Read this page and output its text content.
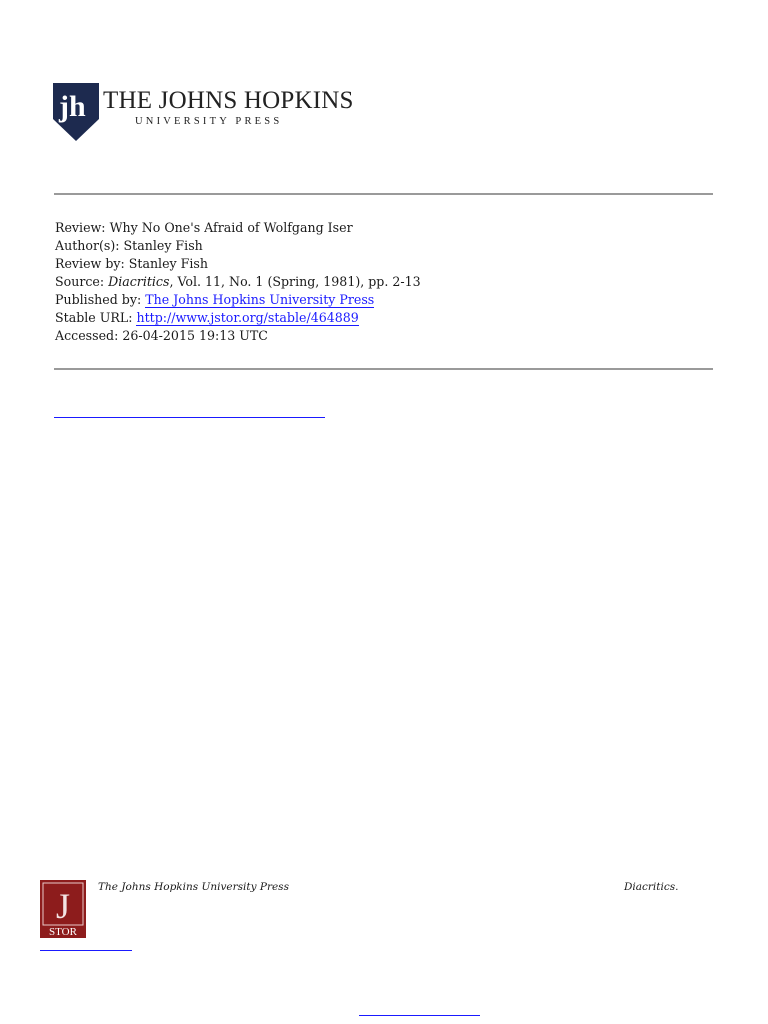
jh THE JOHNS HOPKINS
UNIVERSITY PRESS
Review: Why No One's Afraid of Wolfgang Iser
Author(s): Stanley Fish
Review by: Stanley Fish
Source: Diacritics, Vol. 11, No. 1 (Spring, 1981), pp. 2-13
Published by: The Johns Hopkins University Press
Stable URL: http://www.jstor.org/stable/464889
Accessed: 26-04-2015 19:13 UTC
J
STOR
The Johns Hopkins University Press	Diacritics.
